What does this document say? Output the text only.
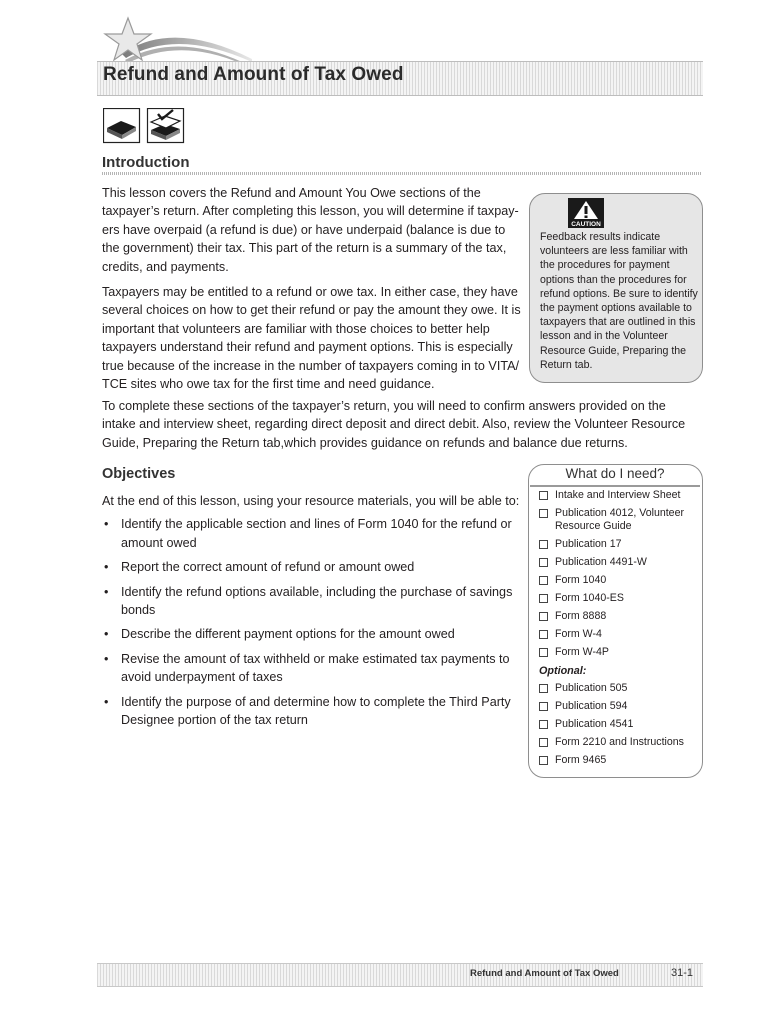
Refund and Amount of Tax Owed
Introduction

This lesson covers the Refund and Amount You Owe sections of the taxpayer’s return. After completing this lesson, you will determine if taxpay-ers have overpaid (a refund is due) or have underpaid (balance is due to the government) their tax. This part of the return is a summary of the tax, credits, and payments.

Taxpayers may be entitled to a refund or owe tax. In either case, they have several choices on how to get their refund or pay the amount they owe. It is important that volunteers are familiar with those choices to better help taxpayers understand their refund and payment options. This is especially true because of the increase in the number of taxpayers coming in to VITA/ TCE sites who owe tax for the first time and need guidance.

To complete these sections of the taxpayer’s return, you will need to confirm answers provided on the intake and interview sheet, regarding direct deposit and direct debit. Also, review the Volunteer Resource Guide, Preparing the Return tab,which provides guidance on refunds and balance due returns.

CAUTION
Feedback results indicate volunteers are less familiar with the procedures for payment options than the procedures for refund options. Be sure to identify the payment options available to taxpayers that are outlined in this lesson and in the Volunteer Resource Guide, Preparing the Return tab.
Objectives

At the end of this lesson, using your resource materials, you will be able to:

• Identify the applicable section and lines of Form 1040 for the refund or amount owed
• Report the correct amount of refund or amount owed
• Identify the refund options available, including the purchase of savings bonds
• Describe the different payment options for the amount owed
• Revise the amount of tax withheld or make estimated tax payments to avoid underpayment of taxes
• Identify the purpose of and determine how to complete the Third Party Designee portion of the tax return
What do I need?
Intake and Interview Sheet
Publication 4012, Volunteer Resource Guide
Publication 17
Publication 4491-W
Form 1040
Form 1040-ES
Form 8888
Form W-4
Form W-4P
Optional:
Publication 505
Publication 594
Publication 4541
Form 2210 and Instructions
Form 9465
Refund and Amount of Tax Owed	31-1
